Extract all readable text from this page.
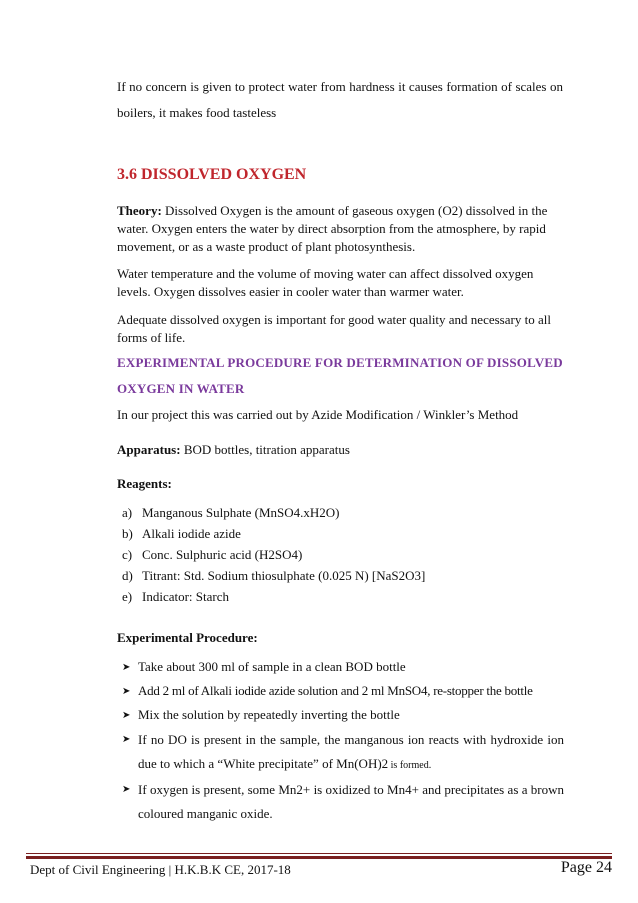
If no concern is given to protect water from hardness it causes formation of scales on boilers, it makes food tasteless
3.6 DISSOLVED OXYGEN
Theory: Dissolved Oxygen is the amount of gaseous oxygen (O2) dissolved in the water. Oxygen enters the water by direct absorption from the atmosphere, by rapid movement, or as a waste product of plant photosynthesis.
Water temperature and the volume of moving water can affect dissolved oxygen levels. Oxygen dissolves easier in cooler water than warmer water.
Adequate dissolved oxygen is important for good water quality and necessary to all forms of life.
EXPERIMENTAL PROCEDURE FOR DETERMINATION OF DISSOLVED OXYGEN IN WATER
In our project this was carried out by Azide Modification / Winkler’s Method
Apparatus: BOD bottles, titration apparatus
Reagents:
a) Manganous Sulphate (MnSO4.xH2O)
b) Alkali iodide azide
c) Conc. Sulphuric acid (H2SO4)
d) Titrant: Std. Sodium thiosulphate (0.025 N) [NaS2O3]
e) Indicator: Starch
Experimental Procedure:
➤ Take about 300 ml of sample in a clean BOD bottle
➤ Add 2 ml of Alkali iodide azide solution and 2 ml MnSO4, re-stopper the bottle
➤ Mix the solution by repeatedly inverting the bottle
➤ If no DO is present in the sample, the manganous ion reacts with hydroxide ion due to which a “White precipitate” of Mn(OH)2 is formed.
➤ If oxygen is present, some Mn2+ is oxidized to Mn4+ and precipitates as a brown coloured manganic oxide.
Dept of Civil Engineering | H.K.B.K CE, 2017-18	Page 24
